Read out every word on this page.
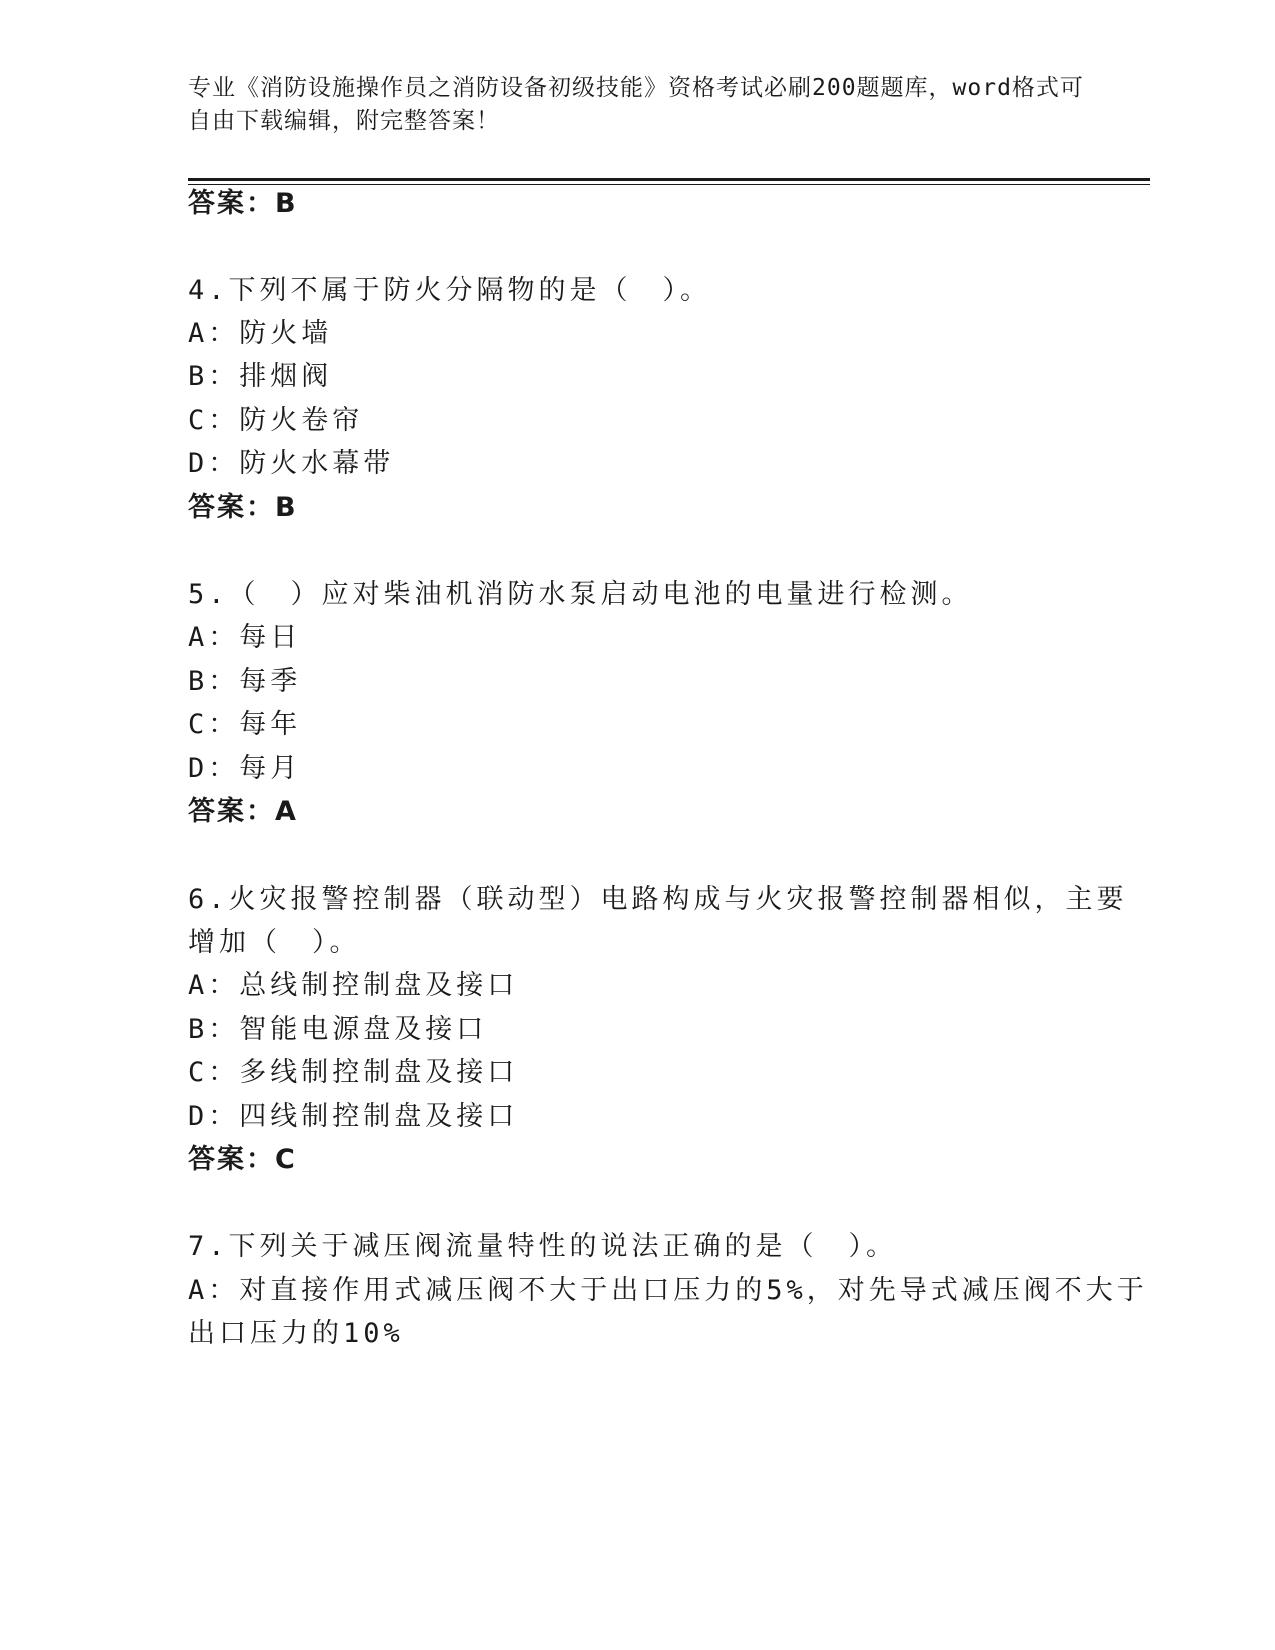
专业《消防设施操作员之消防设备初级技能》资格考试必刷200题题库，word格式可自由下载编辑，附完整答案！
答案：B
4.下列不属于防火分隔物的是（　）。
A：防火墙
B：排烟阀
C：防火卷帘
D：防火水幕带
答案：B
5.（　）应对柴油机消防水泵启动电池的电量进行检测。
A：每日
B：每季
C：每年
D：每月
答案：A
6.火灾报警控制器（联动型）电路构成与火灾报警控制器相似，主要
增加（　）。
A：总线制控制盘及接口
B：智能电源盘及接口
C：多线制控制盘及接口
D：四线制控制盘及接口
答案：C
7.下列关于减压阀流量特性的说法正确的是（　）。
A：对直接作用式减压阀不大于出口压力的5%，对先导式减压阀不大于
出口压力的10%
